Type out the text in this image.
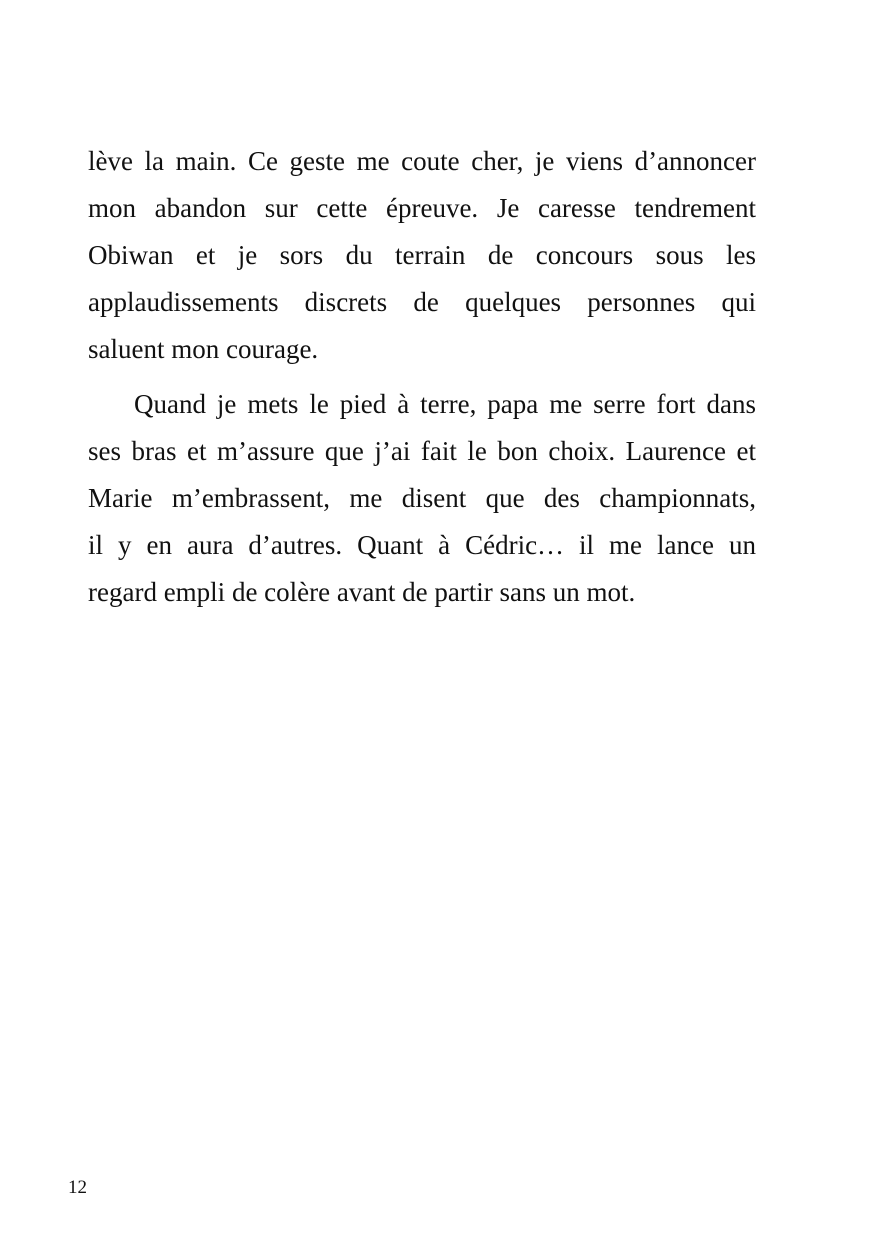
lève la main. Ce geste me coute cher, je viens d’annoncer
mon abandon sur cette épreuve. Je caresse tendrement
Obiwan et je sors du terrain de concours sous les
applaudissements discrets de quelques personnes qui
saluent mon courage.
Quand je mets le pied à terre, papa me serre fort dans
ses bras et m’assure que j’ai fait le bon choix. Laurence et
Marie m’embrassent, me disent que des championnats,
il y en aura d’autres. Quant à Cédric… il me lance un
regard empli de colère avant de partir sans un mot.
12
